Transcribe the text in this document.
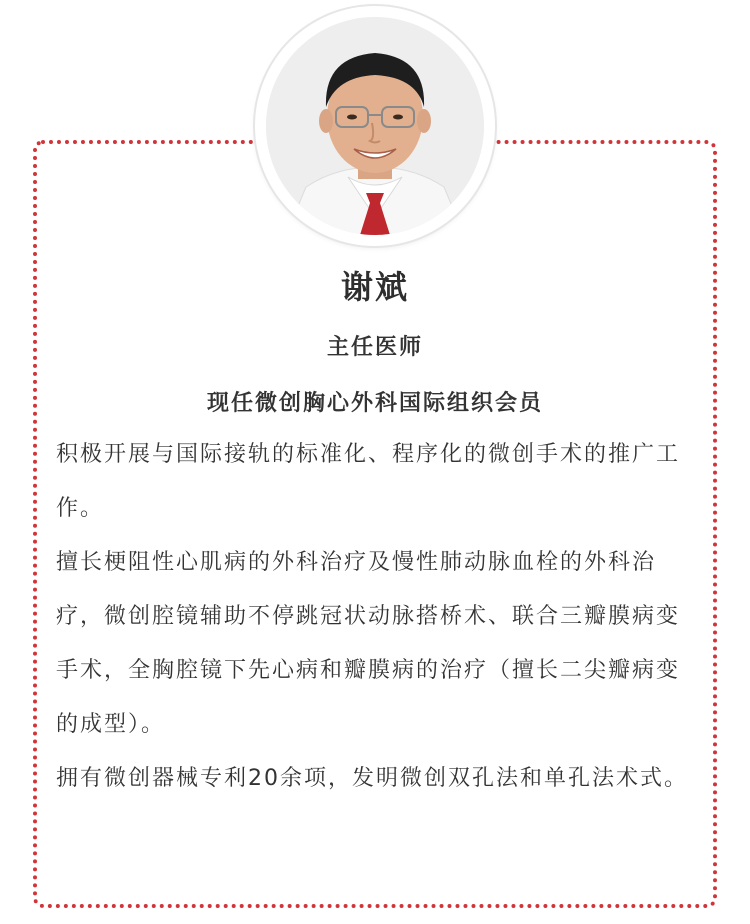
谢斌
主任医师
现任微创胸心外科国际组织会员

积极开展与国际接轨的标准化、程序化的微创手术的推广工作。

擅长梗阻性心肌病的外科治疗及慢性肺动脉血栓的外科治疗，微创腔镜辅助不停跳冠状动脉搭桥术、联合三瓣膜病变手术，全胸腔镜下先心病和瓣膜病的治疗（擅长二尖瓣病变的成型）。

拥有微创器械专利20余项，发明微创双孔法和单孔法术式。
